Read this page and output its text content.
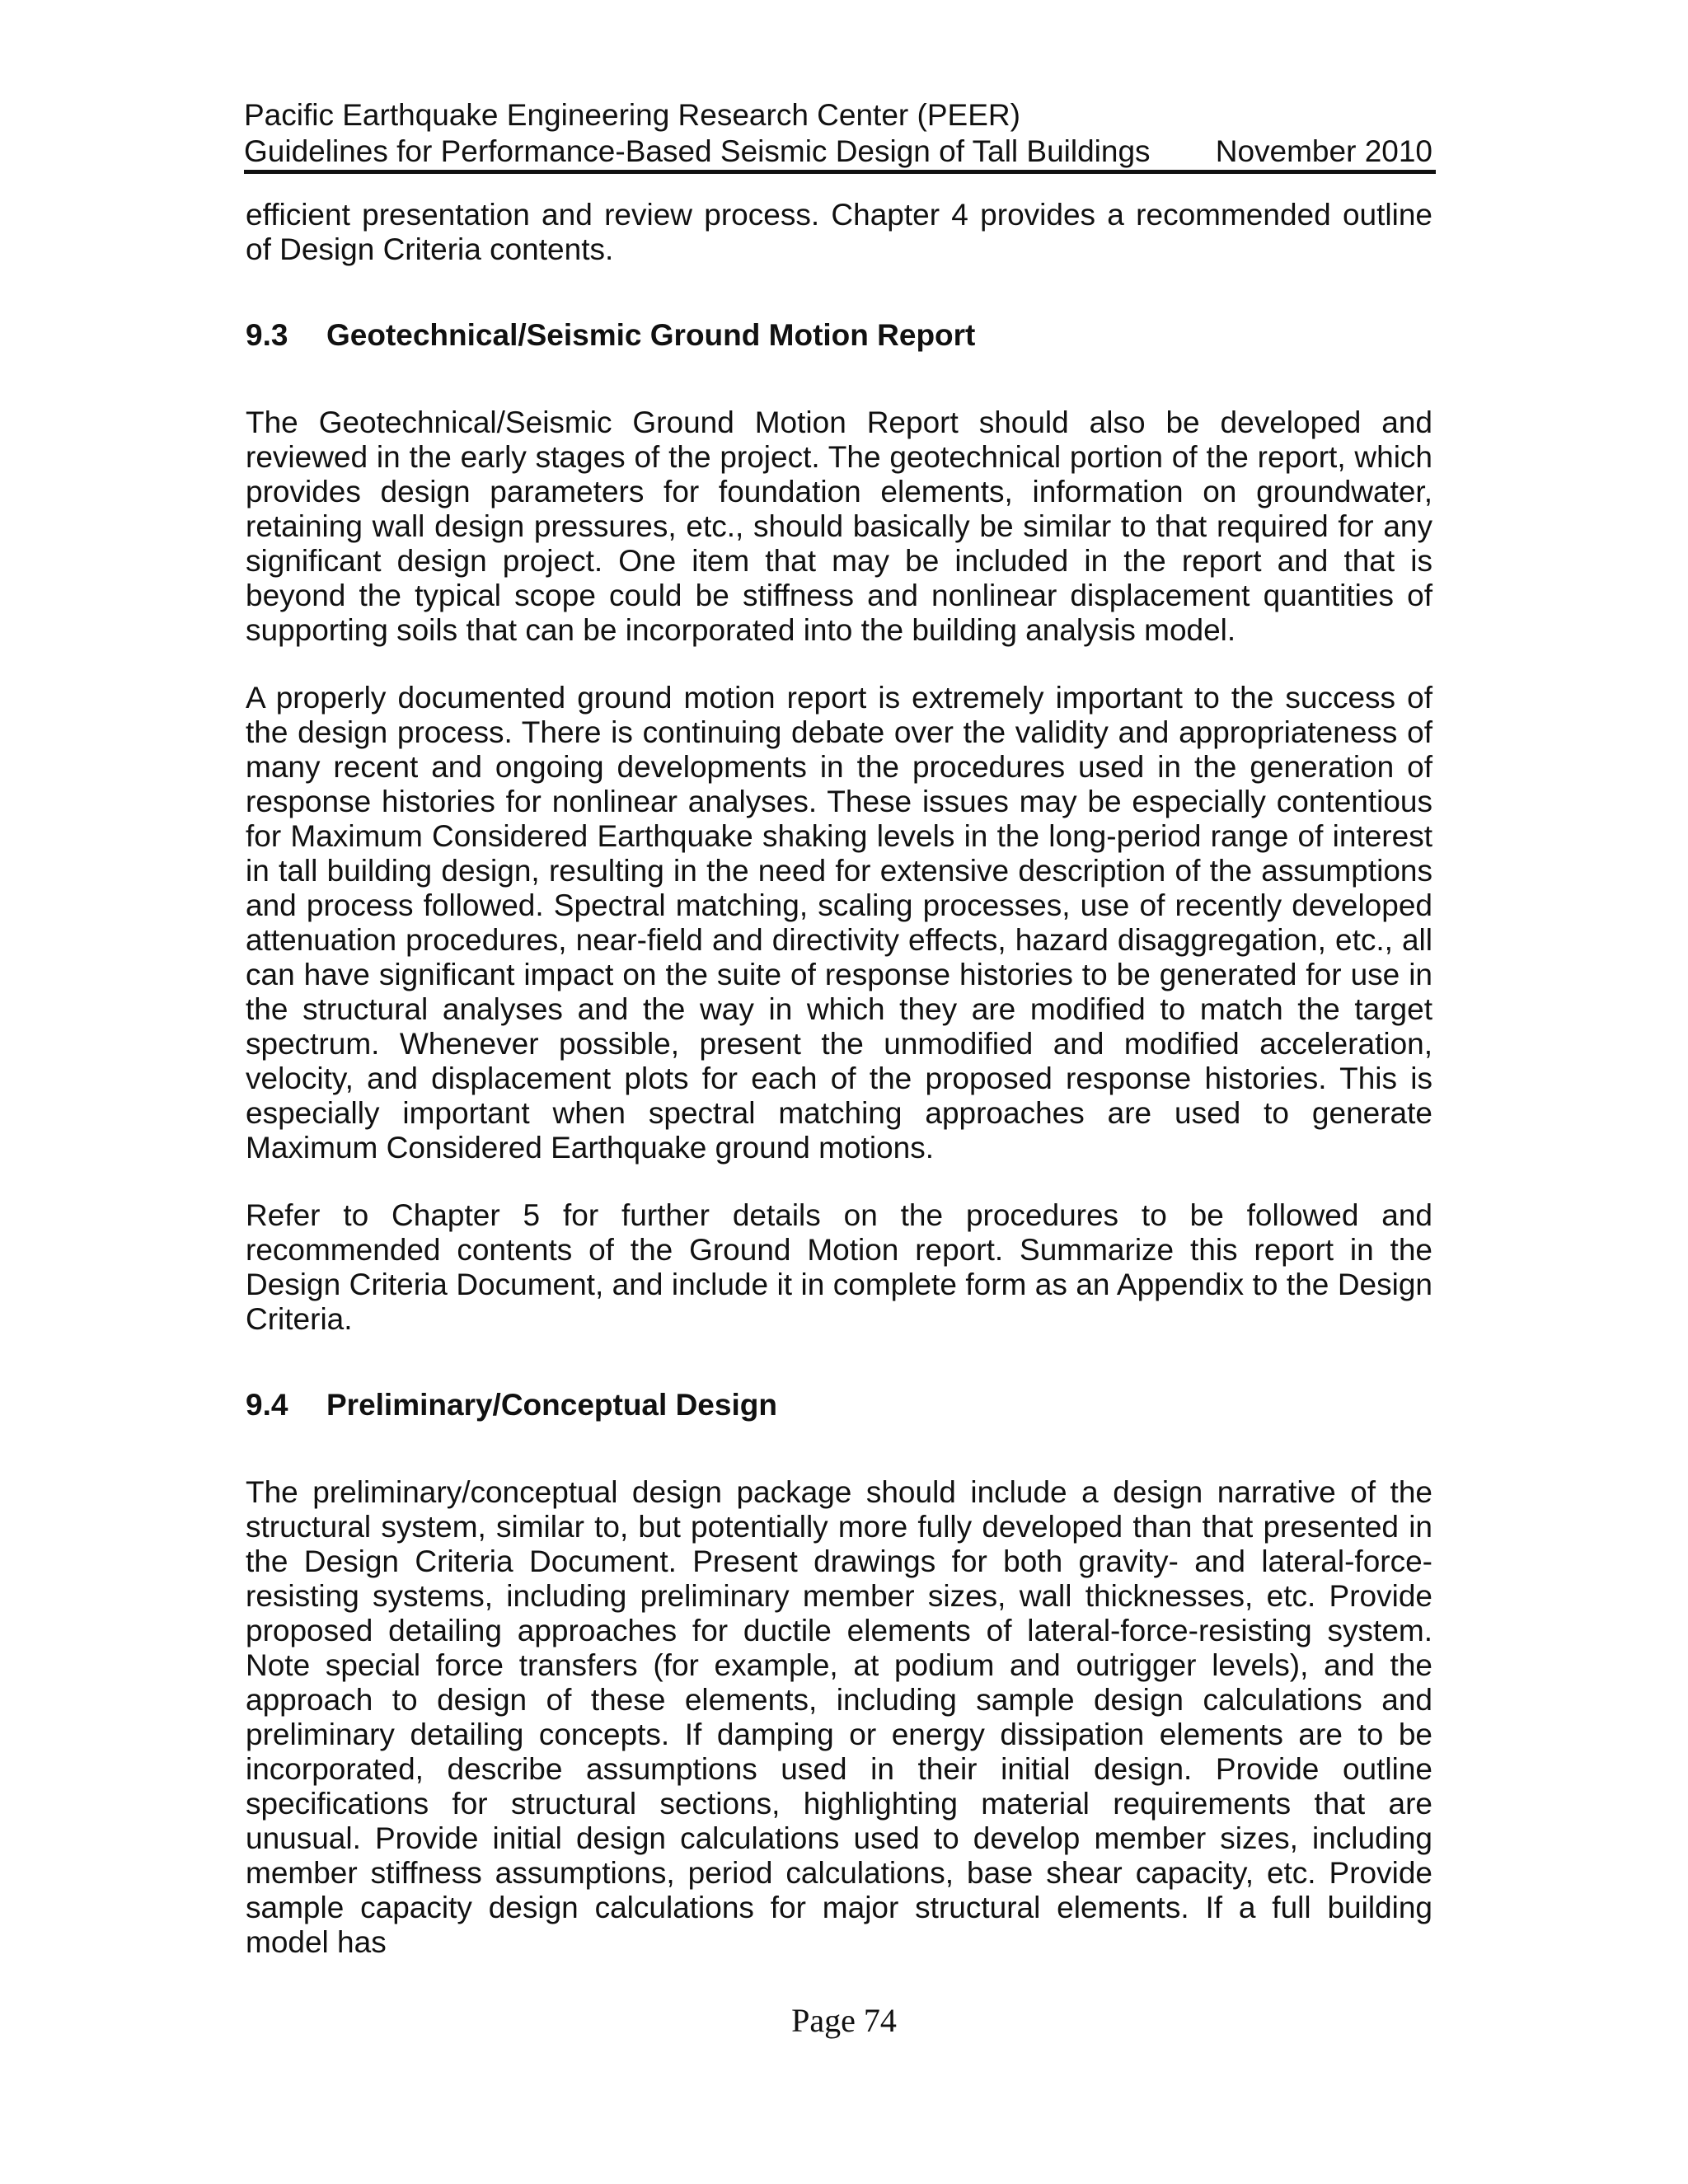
Pacific Earthquake Engineering Research Center (PEER)
Guidelines for Performance-Based Seismic Design of Tall Buildings November 2010

efficient presentation and review process. Chapter 4 provides a recommended outline of Design Criteria contents.

9.3	Geotechnical/Seismic Ground Motion Report

The Geotechnical/Seismic Ground Motion Report should also be developed and reviewed in the early stages of the project. The geotechnical portion of the report, which provides design parameters for foundation elements, information on groundwater, retaining wall design pressures, etc., should basically be similar to that required for any significant design project. One item that may be included in the report and that is beyond the typical scope could be stiffness and nonlinear displacement quantities of supporting soils that can be incorporated into the building analysis model.

A properly documented ground motion report is extremely important to the success of the design process. There is continuing debate over the validity and appropriateness of many recent and ongoing developments in the procedures used in the generation of response histories for nonlinear analyses. These issues may be especially contentious for Maximum Considered Earthquake shaking levels in the long-period range of interest in tall building design, resulting in the need for extensive description of the assumptions and process followed. Spectral matching, scaling processes, use of recently developed attenuation procedures, near-field and directivity effects, hazard disaggregation, etc., all can have significant impact on the suite of response histories to be generated for use in the structural analyses and the way in which they are modified to match the target spectrum. Whenever possible, present the unmodified and modified acceleration, velocity, and displacement plots for each of the proposed response histories. This is especially important when spectral matching approaches are used to generate Maximum Considered Earthquake ground motions.

Refer to Chapter 5 for further details on the procedures to be followed and recommended contents of the Ground Motion report. Summarize this report in the Design Criteria Document, and include it in complete form as an Appendix to the Design Criteria.

9.4	Preliminary/Conceptual Design

The preliminary/conceptual design package should include a design narrative of the structural system, similar to, but potentially more fully developed than that presented in the Design Criteria Document. Present drawings for both gravity- and lateral-force-resisting systems, including preliminary member sizes, wall thicknesses, etc. Provide proposed detailing approaches for ductile elements of lateral-force-resisting system. Note special force transfers (for example, at podium and outrigger levels), and the approach to design of these elements, including sample design calculations and preliminary detailing concepts. If damping or energy dissipation elements are to be incorporated, describe assumptions used in their initial design. Provide outline specifications for structural sections, highlighting material requirements that are unusual. Provide initial design calculations used to develop member sizes, including member stiffness assumptions, period calculations, base shear capacity, etc. Provide sample capacity design calculations for major structural elements. If a full building model has

Page 74
